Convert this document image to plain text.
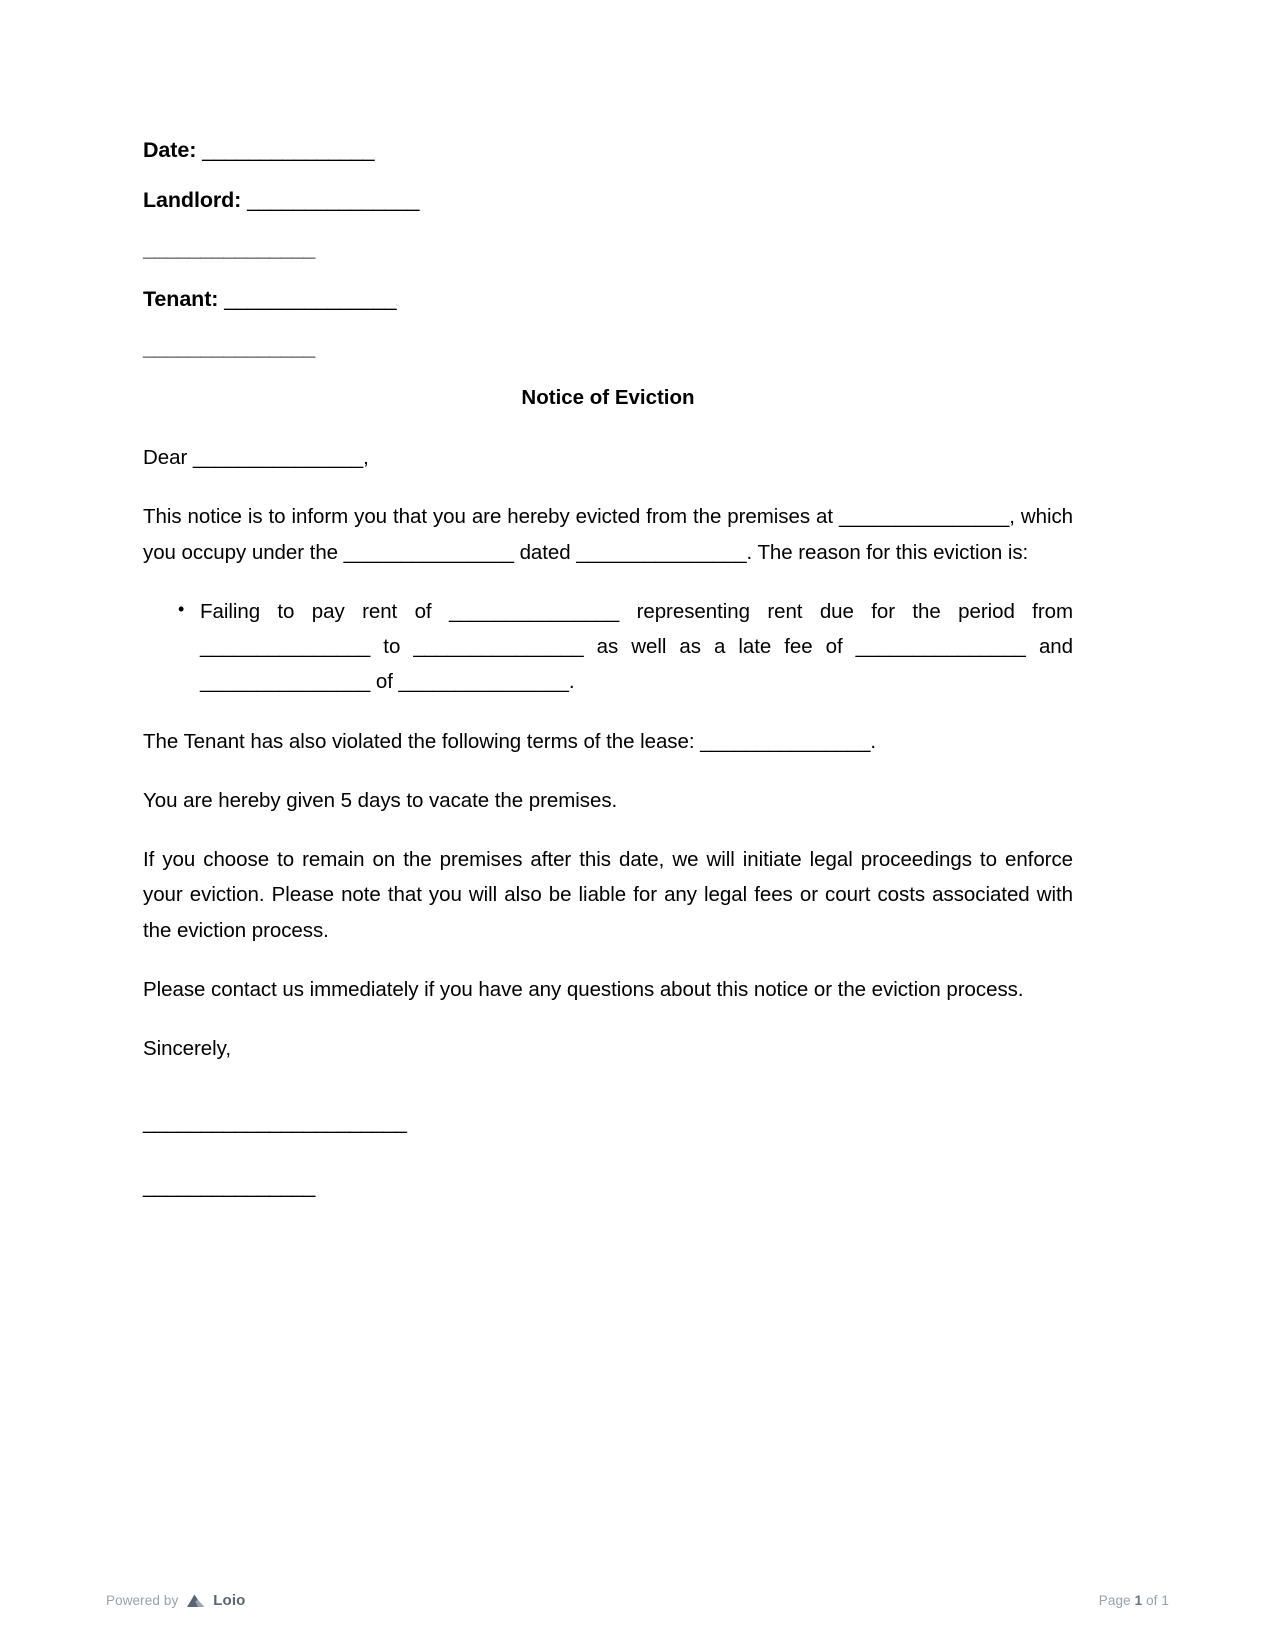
Date: _______________

Landlord: _______________

_______________

Tenant: _______________

_______________

Notice of Eviction

Dear _______________,

This notice is to inform you that you are hereby evicted from the premises at _______________, which you occupy under the _______________ dated _______________. The reason for this eviction is:

• Failing to pay rent of _______________ representing rent due for the period from _______________ to _______________ as well as a late fee of _______________ and _______________ of _______________.

The Tenant has also violated the following terms of the lease: _______________.

You are hereby given 5 days to vacate the premises.

If you choose to remain on the premises after this date, we will initiate legal proceedings to enforce your eviction. Please note that you will also be liable for any legal fees or court costs associated with the eviction process.

Please contact us immediately if you have any questions about this notice or the eviction process.

Sincerely,

_______________________

_______________

Powered by Loio	Page 1 of 1
